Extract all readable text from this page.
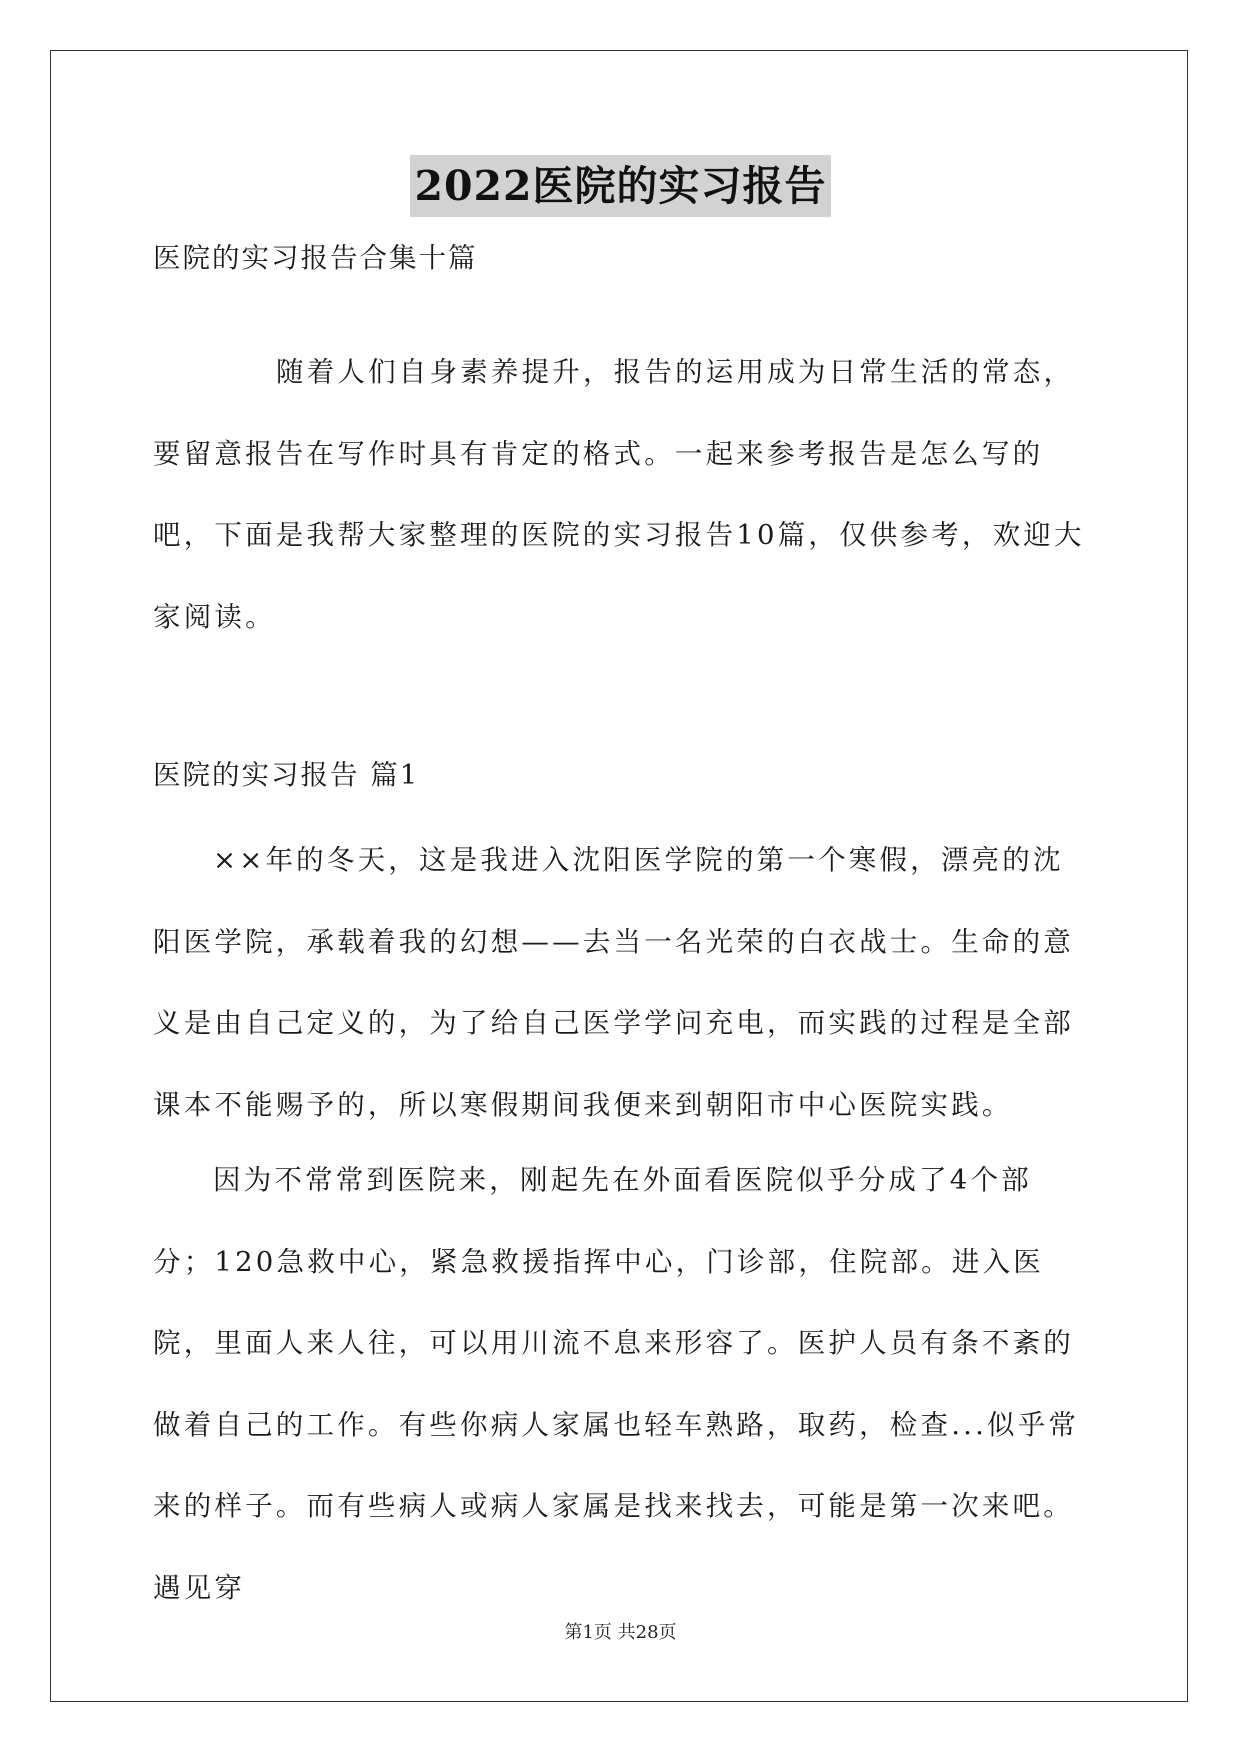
2022医院的实习报告
医院的实习报告合集十篇
随着人们自身素养提升，报告的运用成为日常生活的常态，要留意报告在写作时具有肯定的格式。一起来参考报告是怎么写的吧，下面是我帮大家整理的医院的实习报告10篇，仅供参考，欢迎大家阅读。
医院的实习报告 篇1
××年的冬天，这是我进入沈阳医学院的第一个寒假，漂亮的沈阳医学院，承载着我的幻想——去当一名光荣的白衣战士。生命的意义是由自己定义的，为了给自己医学学问充电，而实践的过程是全部课本不能赐予的，所以寒假期间我便来到朝阳市中心医院实践。
因为不常常到医院来，刚起先在外面看医院似乎分成了4个部分；120急救中心，紧急救援指挥中心，门诊部，住院部。进入医院，里面人来人往，可以用川流不息来形容了。医护人员有条不紊的做着自己的工作。有些你病人家属也轻车熟路，取药，检查...似乎常来的样子。而有些病人或病人家属是找来找去，可能是第一次来吧。遇见穿
第1页 共28页
